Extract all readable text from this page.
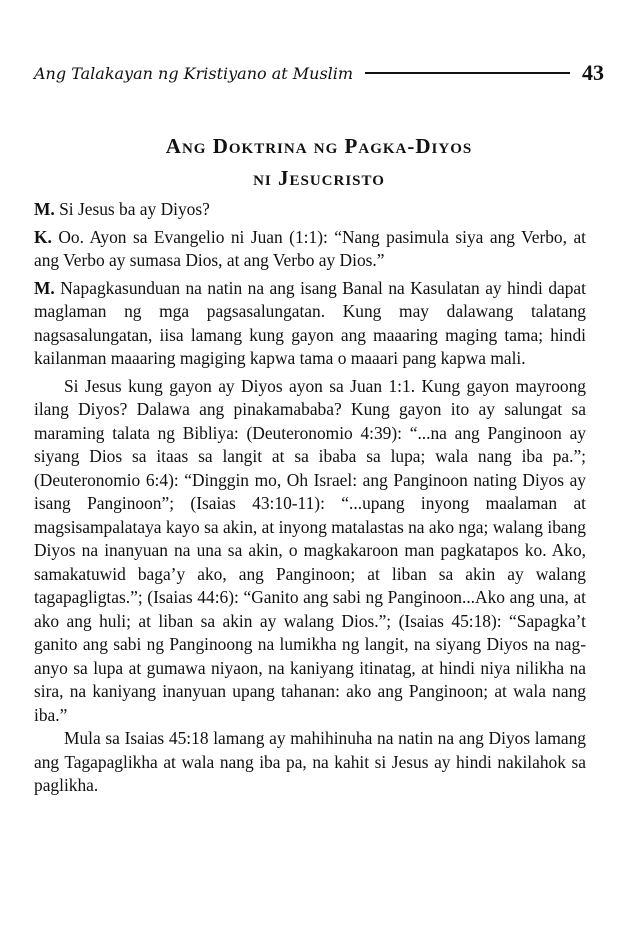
Ang Talakayan ng Kristiyano at Muslim	43
Ang Doktrina ng Pagka-Diyos
ni Jesucristo

M. Si Jesus ba ay Diyos?

K. Oo. Ayon sa Evangelio ni Juan (1:1): “Nang pasimula siya ang Verbo, at ang Verbo ay sumasa Dios, at ang Verbo ay Dios.”

M. Napagkasunduan na natin na ang isang Banal na Kasulatan ay hindi dapat maglaman ng mga pagsasalungatan. Kung may dalawang talatang nagsasalungatan, iisa lamang kung gayon ang maaaring maging tama; hindi kailanman maaaring magiging kapwa tama o maaari pang kapwa mali.

Si Jesus kung gayon ay Diyos ayon sa Juan 1:1. Kung gayon mayroong ilang Diyos? Dalawa ang pinakamababa? Kung gayon ito ay salungat sa maraming talata ng Bibliya: (Deuteronomio 4:39): “...na ang Panginoon ay siyang Dios sa itaas sa langit at sa ibaba sa lupa; wala nang iba pa.”; (Deuteronomio 6:4): “Dinggin mo, Oh Israel: ang Panginoon nating Diyos ay isang Panginoon”; (Isaias 43:10-11): “...upang inyong maalaman at magsisampalataya kayo sa akin, at inyong matalastas na ako nga; walang ibang Diyos na inanyuan na una sa akin, o magkakaroon man pagkatapos ko. Ako, samakatuwid baga’y ako, ang Panginoon; at liban sa akin ay walang tagapagligtas.”; (Isaias 44:6): “Ganito ang sabi ng Panginoon...Ako ang una, at ako ang huli; at liban sa akin ay walang Dios.”; (Isaias 45:18): “Sapagka’t ganito ang sabi ng Panginoong na lumikha ng langit, na siyang Diyos na nag-anyo sa lupa at gumawa niyaon, na kaniyang itinatag, at hindi niya nilikha na sira, na kaniyang inanyuan upang tahanan: ako ang Panginoon; at wala nang iba.”

Mula sa Isaias 45:18 lamang ay mahihinuha na natin na ang Diyos lamang ang Tagapaglikha at wala nang iba pa, na kahit si Jesus ay hindi nakilahok sa paglikha.
